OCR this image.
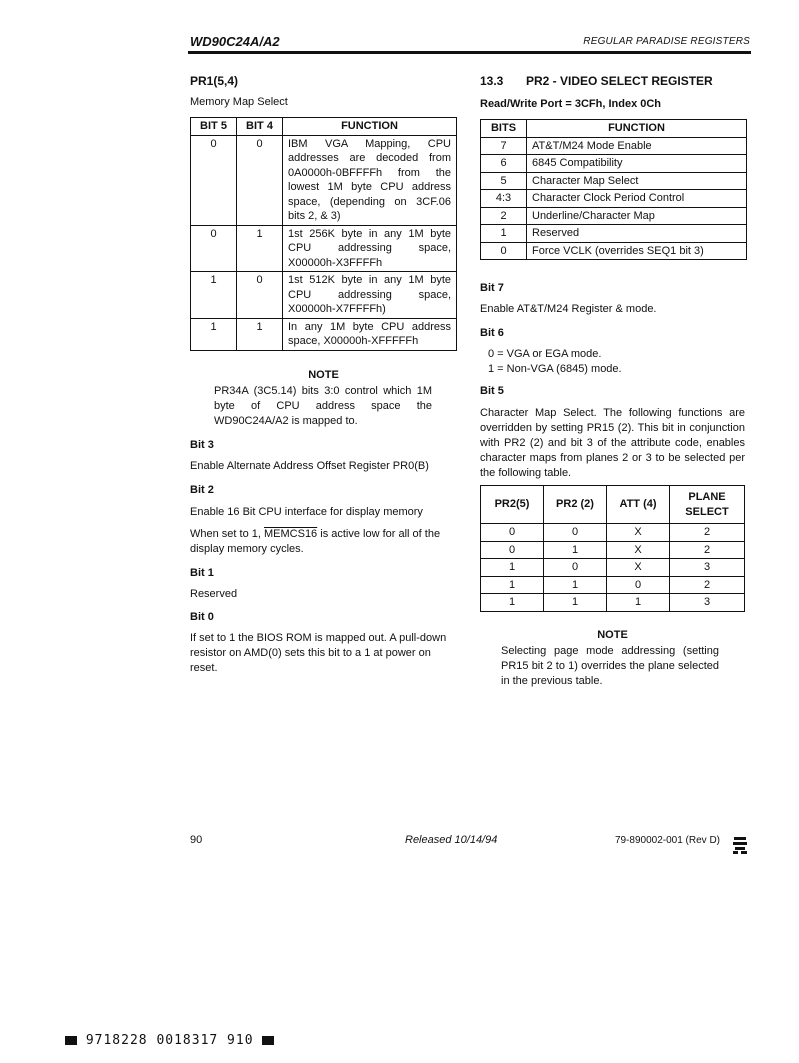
WD90C24A/A2	REGULAR PARADISE REGISTERS
PR1(5,4)
Memory Map Select
BIT 5	BIT 4	FUNCTION
0	0	IBM VGA Mapping, CPU addresses are decoded from 0A0000h-0BFFFFh from the lowest 1M byte CPU address space, (depending on 3CF.06 bits 2, & 3)
0	1	1st 256K byte in any 1M byte CPU addressing space, X00000h-X3FFFFh
1	0	1st 512K byte in any 1M byte CPU addressing space, X00000h-X7FFFFh)
1	1	In any 1M byte CPU address space, X00000h-XFFFFFh
NOTE
PR34A (3C5.14) bits 3:0 control which 1M byte of CPU address space the WD90C24A/A2 is mapped to.
Bit 3
Enable Alternate Address Offset Register PR0(B)
Bit 2
Enable 16 Bit CPU interface for display memory
When set to 1, MEMCS16 is active low for all of the display memory cycles.
Bit 1
Reserved
Bit 0
If set to 1 the BIOS ROM is mapped out. A pull-down resistor on AMD(0) sets this bit to a 1 at power on reset.
13.3 PR2 - VIDEO SELECT REGISTER
Read/Write Port = 3CFh, Index 0Ch
BITS	FUNCTION
7	AT&T/M24 Mode Enable
6	6845 Compatibility
5	Character Map Select
4:3	Character Clock Period Control
2	Underline/Character Map
1	Reserved
0	Force VCLK (overrides SEQ1 bit 3)
Bit 7
Enable AT&T/M24 Register & mode.
Bit 6
0 = VGA or EGA mode.
1 = Non-VGA (6845) mode.
Bit 5
Character Map Select. The following functions are overridden by setting PR15 (2). This bit in conjunction with PR2 (2) and bit 3 of the attribute code, enables character maps from planes 2 or 3 to be selected per the following table.
PR2(5)	PR2 (2)	ATT (4)	PLANE SELECT
0	0	X	2
0	1	X	2
1	0	X	3
1	1	0	2
1	1	1	3
NOTE
Selecting page mode addressing (setting PR15 bit 2 to 1) overrides the plane selected in the previous table.
90	Released 10/14/94	79-890002-001 (Rev D)
9718228 0018317 910
